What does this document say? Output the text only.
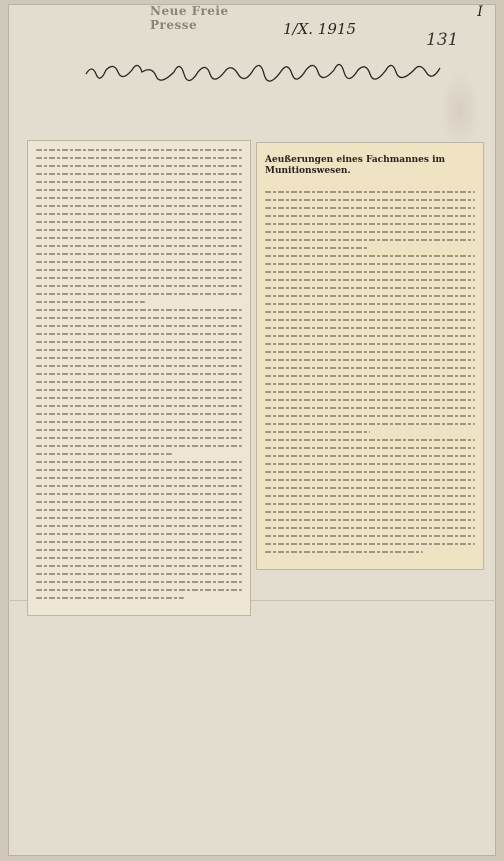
Neue Freie Presse	1/X. 1915
I
131
Aeußerungen eines Fachmannes im Munitionswesen.
